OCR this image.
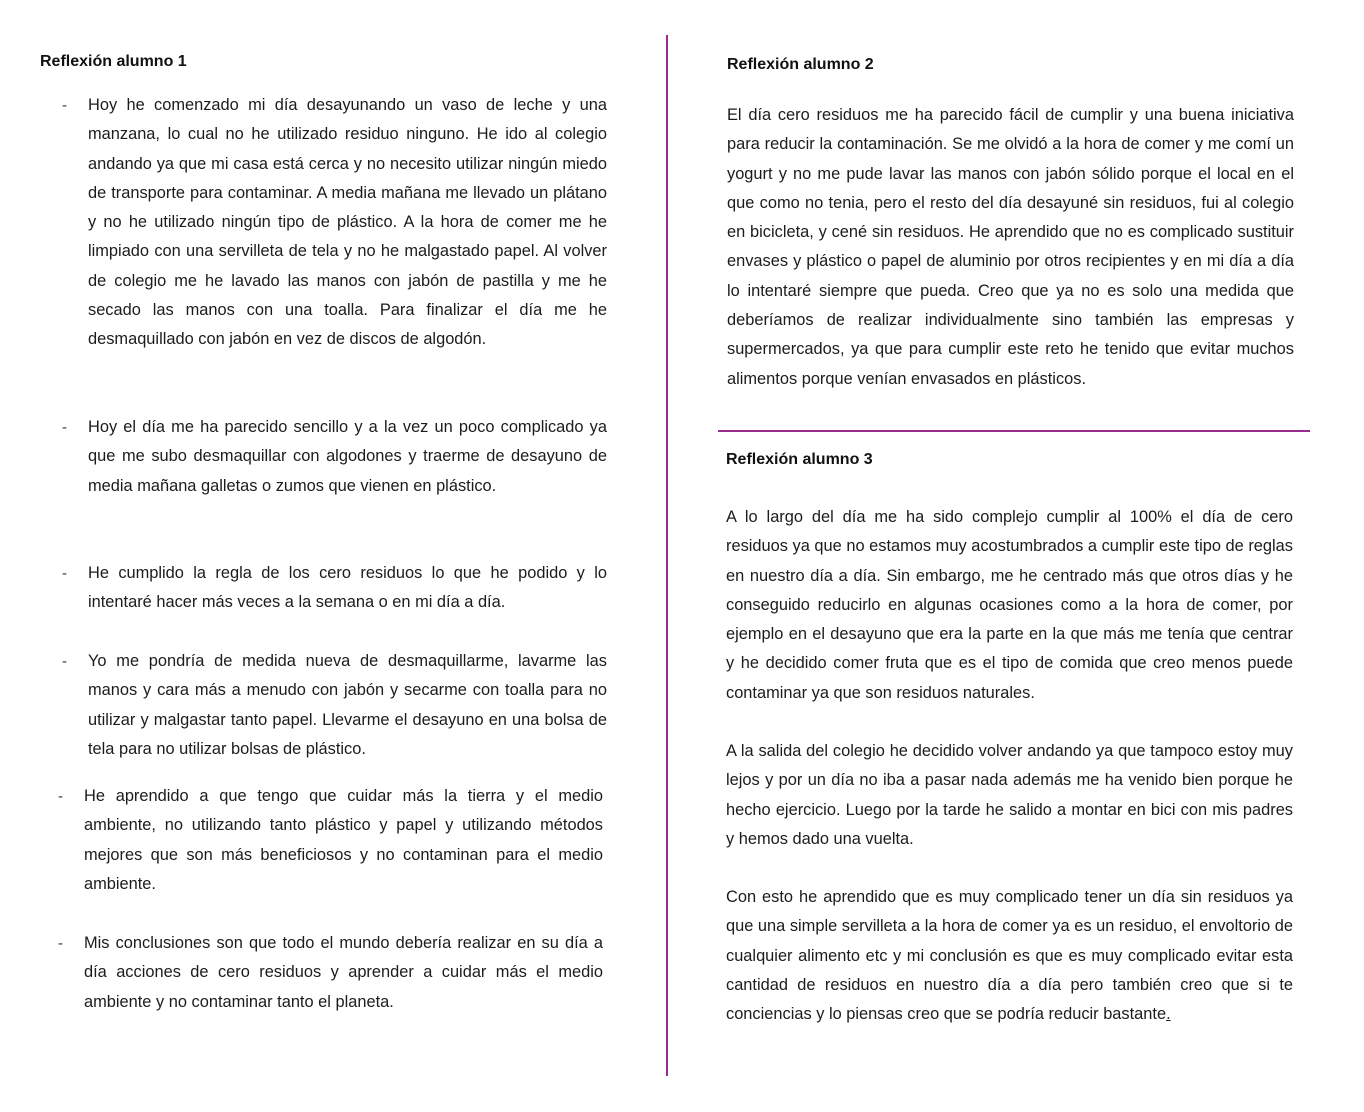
Reflexión alumno 1
- Hoy he comenzado mi día desayunando un vaso de leche y una manzana, lo cual no he utilizado residuo ninguno. He ido al colegio andando ya que mi casa está cerca y no necesito utilizar ningún miedo de transporte para contaminar. A media mañana me llevado un plátano y no he utilizado ningún tipo de plástico. A la hora de comer me he limpiado con una servilleta de tela y no he malgastado papel. Al volver de colegio me he lavado las manos con jabón de pastilla y me he secado las manos con una toalla. Para finalizar el día me he desmaquillado con jabón en vez de discos de algodón.
- Hoy el día me ha parecido sencillo y a la vez un poco complicado ya que me subo desmaquillar con algodones y traerme de desayuno de media mañana galletas o zumos que vienen en plástico.
- He cumplido la regla de los cero residuos lo que he podido y lo intentaré hacer más veces a la semana o en mi día a día.
- Yo me pondría de medida nueva de desmaquillarme, lavarme las manos y cara más a menudo con jabón y secarme con toalla para no utilizar y malgastar tanto papel. Llevarme el desayuno en una bolsa de tela para no utilizar bolsas de plástico.
- He aprendido a que tengo que cuidar más la tierra y el medio ambiente, no utilizando tanto plástico y papel y utilizando métodos mejores que son más beneficiosos y no contaminan para el medio ambiente.
- Mis conclusiones son que todo el mundo debería realizar en su día a día acciones de cero residuos y aprender a cuidar más el medio ambiente y no contaminar tanto el planeta.
Reflexión alumno 2
El día cero residuos me ha parecido fácil de cumplir y una buena iniciativa para reducir la contaminación. Se me olvidó a la hora de comer y me comí un yogurt y no me pude lavar las manos con jabón sólido porque el local en el que como no tenia, pero el resto del día desayuné sin residuos, fui al colegio en bicicleta, y cené sin residuos. He aprendido que no es complicado sustituir envases y plástico o papel de aluminio por otros recipientes y en mi día a día lo intentaré siempre que pueda. Creo que ya no es solo una medida que deberíamos de realizar individualmente sino también las empresas y supermercados, ya que para cumplir este reto he tenido que evitar muchos alimentos porque venían envasados en plásticos.
Reflexión alumno 3
A lo largo del día me ha sido complejo cumplir al 100% el día de cero residuos ya que no estamos muy acostumbrados a cumplir este tipo de reglas en nuestro día a día. Sin embargo, me he centrado más que otros días y he conseguido reducirlo en algunas ocasiones como a la hora de comer, por ejemplo en el desayuno que era la parte en la que más me tenía que centrar y he decidido comer fruta que es el tipo de comida que creo menos puede contaminar ya que son residuos naturales.
A la salida del colegio he decidido volver andando ya que tampoco estoy muy lejos y por un día no iba a pasar nada además me ha venido bien porque he hecho ejercicio. Luego por la tarde he salido a montar en bici con mis padres y hemos dado una vuelta.
Con esto he aprendido que es muy complicado tener un día sin residuos ya que una simple servilleta a la hora de comer ya es un residuo, el envoltorio de cualquier alimento etc y mi conclusión es que es muy complicado evitar esta cantidad de residuos en nuestro día a día pero también creo que si te conciencias y lo piensas creo que se podría reducir bastante.
